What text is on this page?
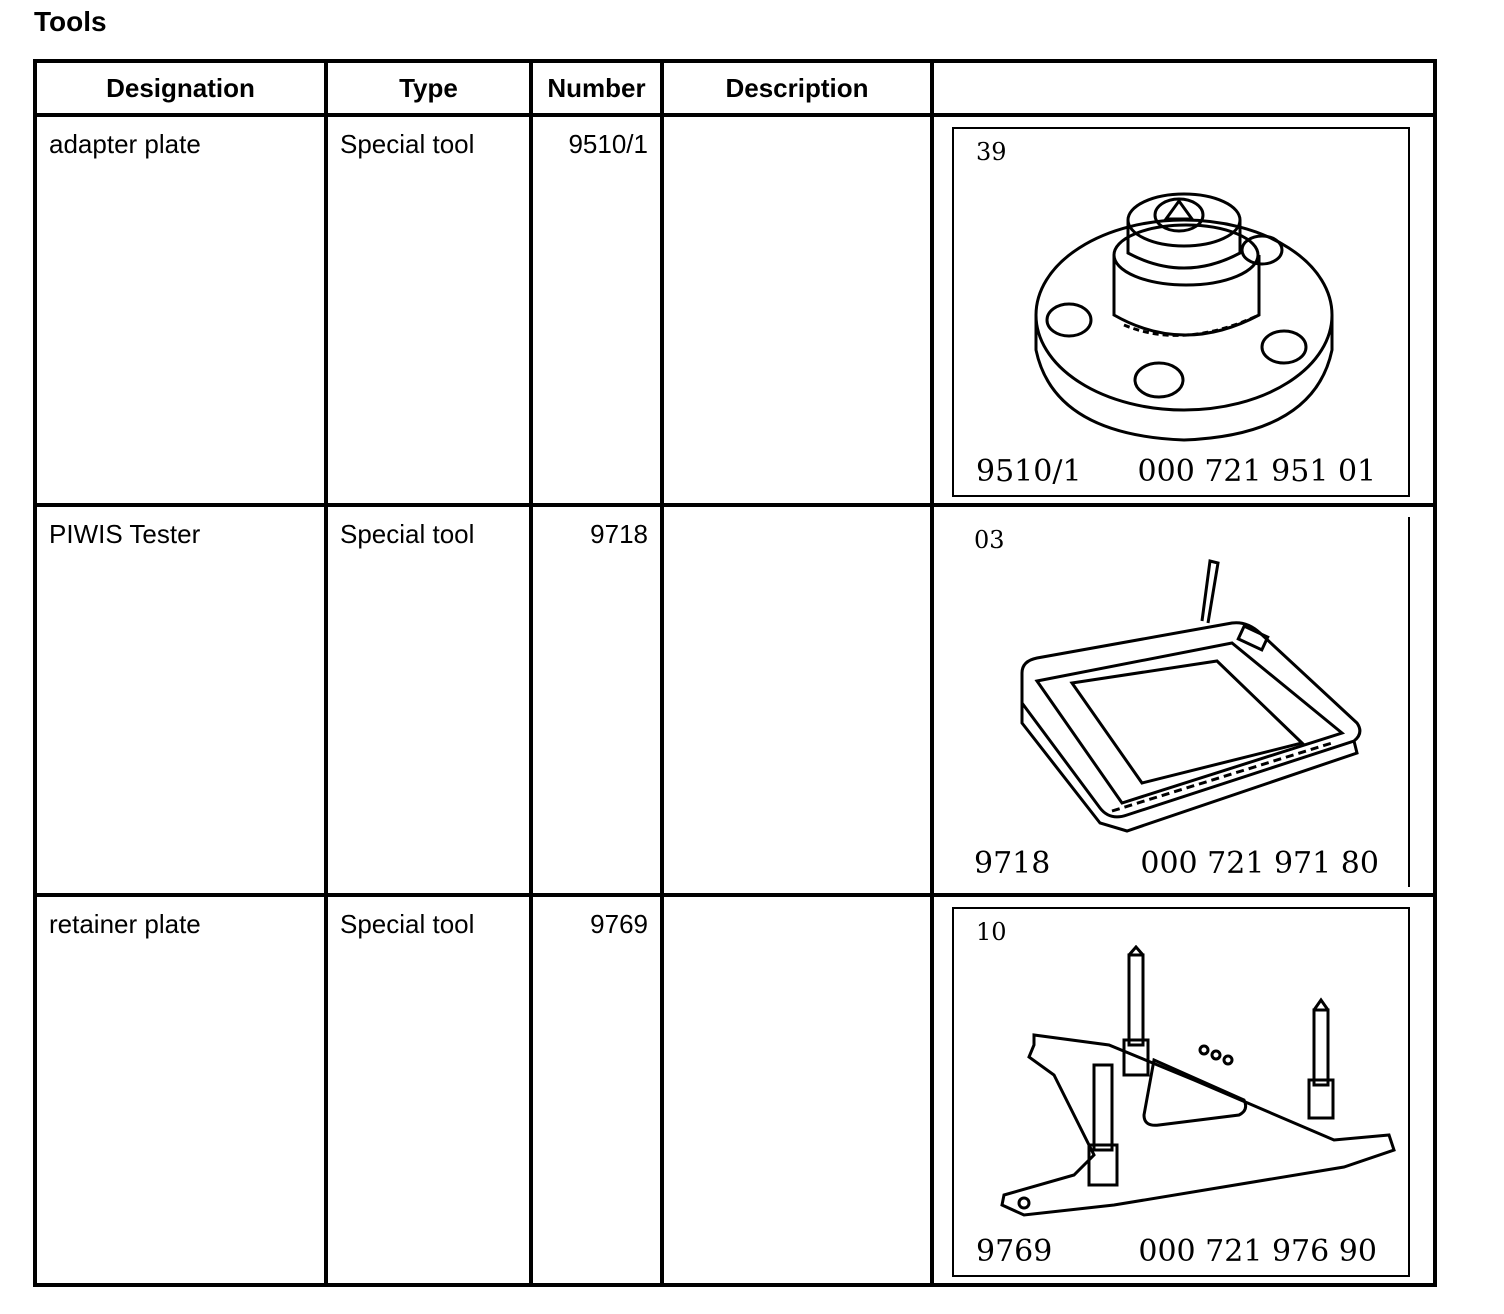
Tools
Designation	Type	Number	Description	

adapter plate	Special tool	9510/1		39
9510/1 000 721 951 01

PIWIS Tester	Special tool	9718		03
9718 000 721 971 80

retainer plate	Special tool	9769		10
9769 000 721 976 90
